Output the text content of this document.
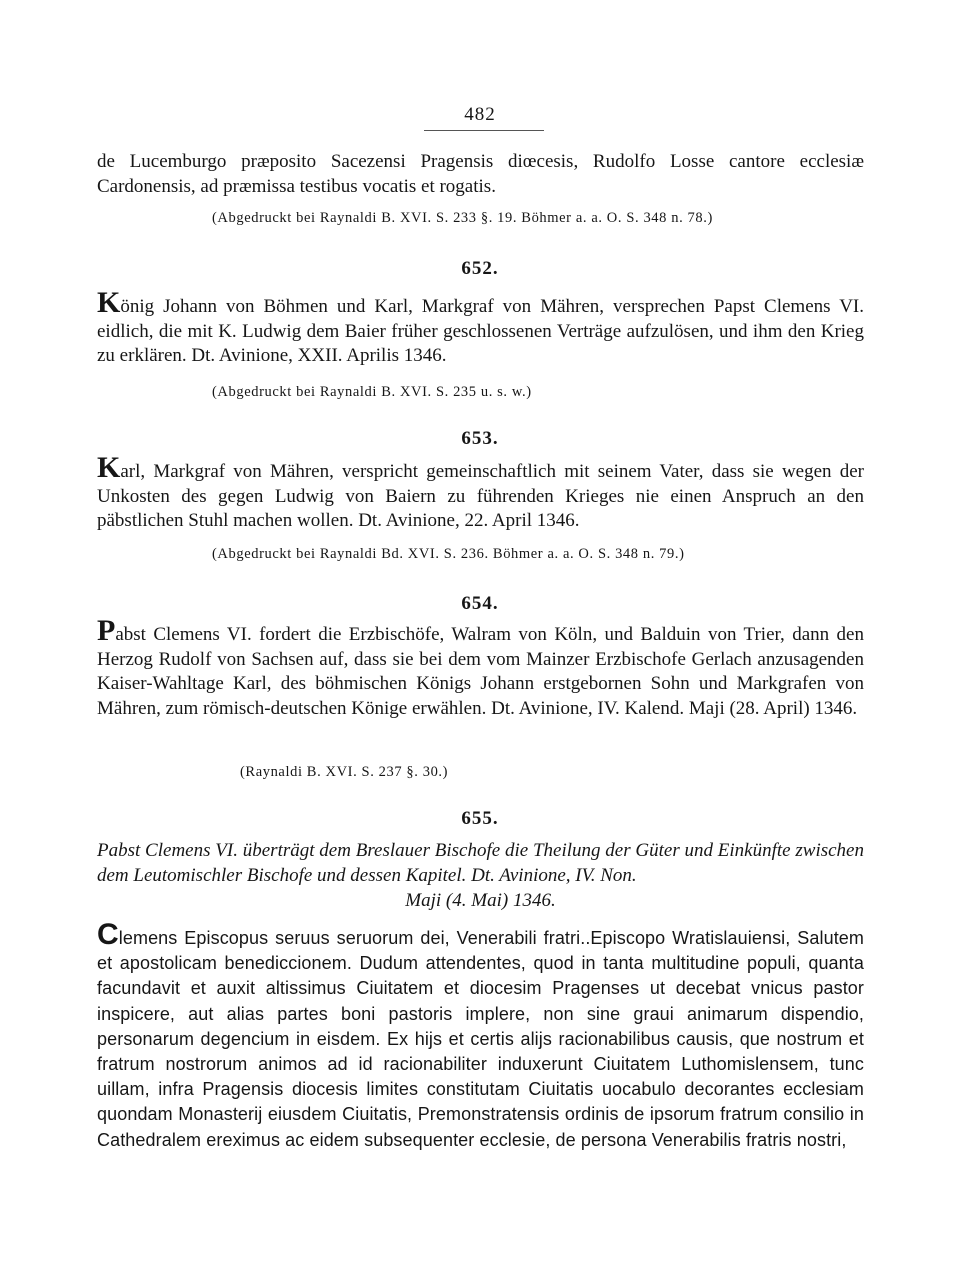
482
de Lucemburgo præposito Sacezensi Pragensis diœcesis, Rudolfo Losse cantore ecclesiæ Cardonensis, ad præmissa testibus vocatis et rogatis.
(Abgedruckt bei Raynaldi B. XVI. S. 233 §. 19. Böhmer a. a. O. S. 348 n. 78.)
652.
König Johann von Böhmen und Karl, Markgraf von Mähren, versprechen Papst Clemens VI. eidlich, die mit K. Ludwig dem Baier früher geschlossenen Verträge aufzulösen, und ihm den Krieg zu erklären. Dt. Avinione, XXII. Aprilis 1346.
(Abgedruckt bei Raynaldi B. XVI. S. 235 u. s. w.)
653.
Karl, Markgraf von Mähren, verspricht gemeinschaftlich mit seinem Vater, dass sie wegen der Unkosten des gegen Ludwig von Baiern zu führenden Krieges nie einen Anspruch an den päbstlichen Stuhl machen wollen. Dt. Avinione, 22. April 1346.
(Abgedruckt bei Raynaldi Bd. XVI. S. 236. Böhmer a. a. O. S. 348 n. 79.)
654.
Pabst Clemens VI. fordert die Erzbischöfe, Walram von Köln, und Balduin von Trier, dann den Herzog Rudolf von Sachsen auf, dass sie bei dem vom Mainzer Erzbischofe Gerlach anzusagenden Kaiser-Wahltage Karl, des böhmischen Königs Johann erstgebornen Sohn und Markgrafen von Mähren, zum römisch-deutschen Könige erwählen. Dt. Avinione, IV. Kalend. Maji (28. April) 1346.
(Raynaldi B. XVI. S. 237 §. 30.)
655.
Pabst Clemens VI. überträgt dem Breslauer Bischofe die Theilung der Güter und Einkünfte zwischen dem Leutomischler Bischofe und dessen Kapitel. Dt. Avinione, IV. Non.
Maji (4. Mai) 1346.
Clemens Episcopus seruus seruorum dei, Venerabili fratri..Episcopo Wratislauiensi, Salutem et apostolicam benediccionem. Dudum attendentes, quod in tanta multitudine populi, quanta facundavit et auxit altissimus Ciuitatem et diocesim Pragenses ut decebat vnicus pastor inspicere, aut alias partes boni pastoris implere, non sine graui animarum dispendio, personarum degencium in eisdem. Ex hijs et certis alijs racionabilibus causis, que nostrum et fratrum nostrorum animos ad id racionabiliter induxerunt Ciuitatem Luthomislensem, tunc uillam, infra Pragensis diocesis limites constitutam Ciuitatis uocabulo decorantes ecclesiam quondam Monasterij eiusdem Ciuitatis, Premonstratensis ordinis de ipsorum fratrum consilio in Cathedralem ereximus ac eidem subsequenter ecclesie, de persona Venerabilis fratris nostri,
